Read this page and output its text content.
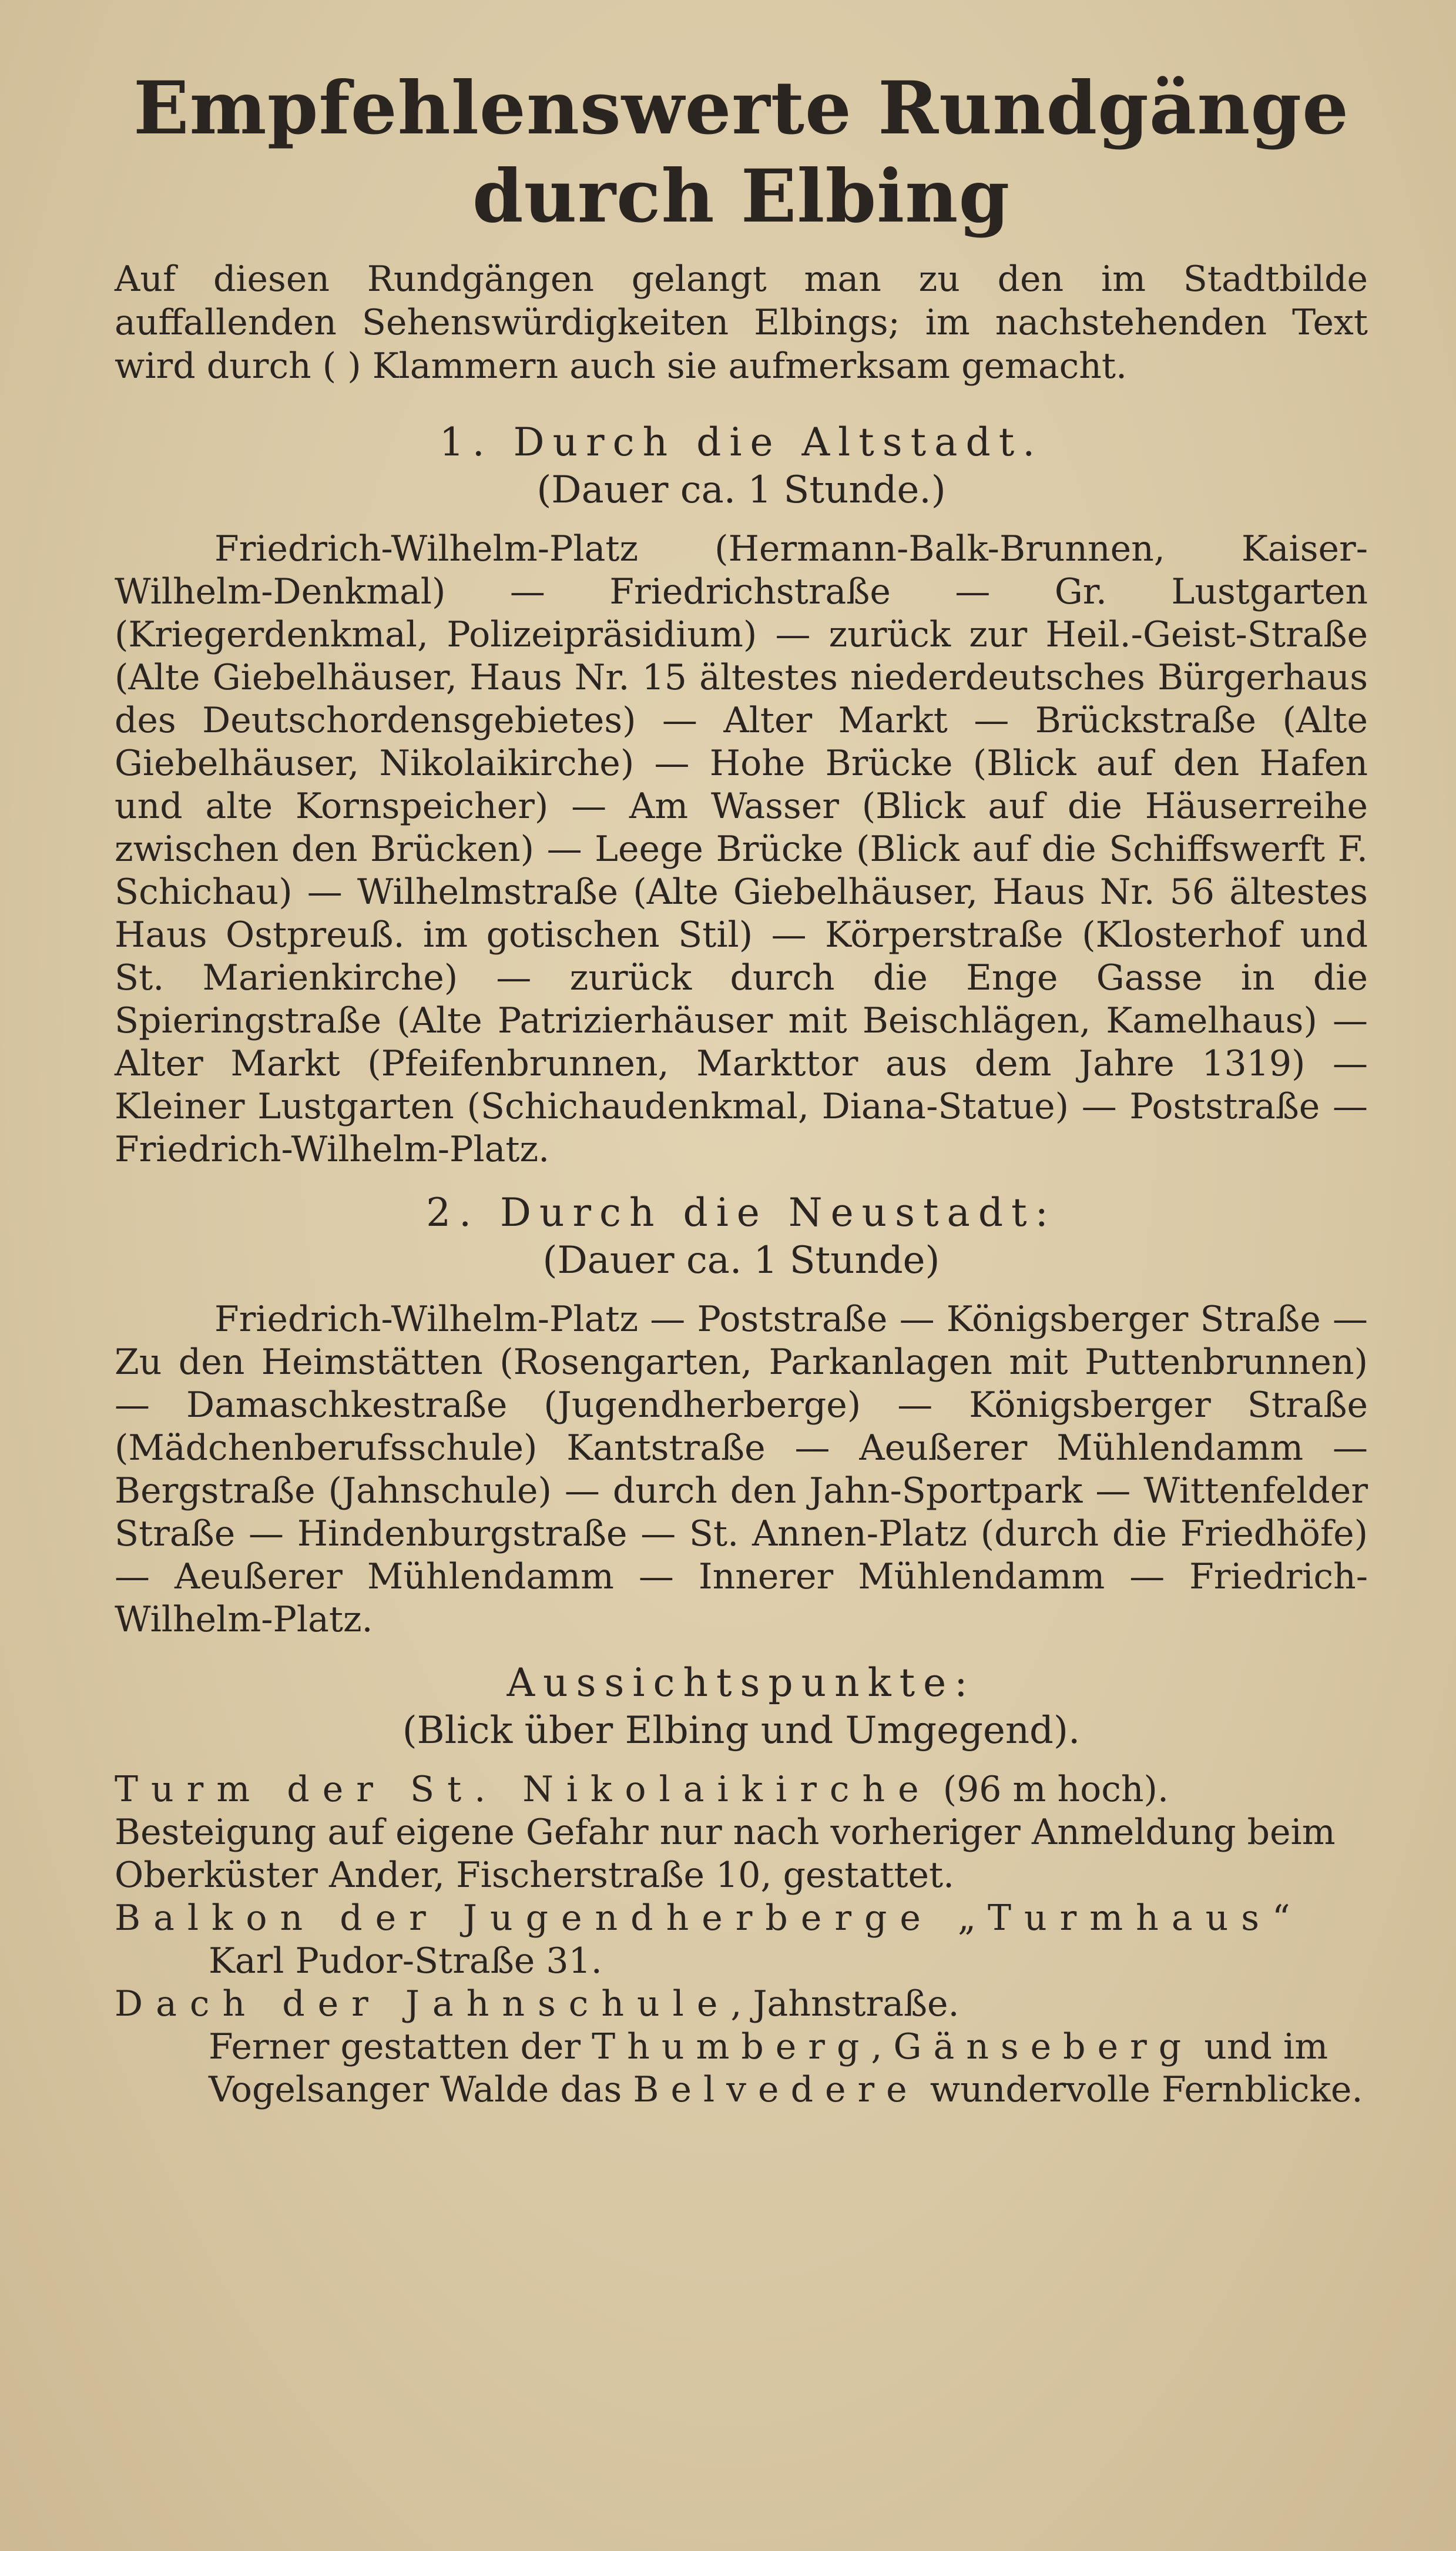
Empfehlenswerte Rundgänge
durch Elbing

Auf diesen Rundgängen gelangt man zu den im Stadtbilde auffallenden Sehenswürdigkeiten Elbings; im nachstehenden Text wird durch ( ) Klammern auch sie aufmerksam gemacht.

1. Durch die Altstadt.

(Dauer ca. 1 Stunde.)

Friedrich-Wilhelm-Platz (Hermann-Balk-Brunnen, Kaiser-Wilhelm-Denkmal) — Friedrichstraße — Gr. Lustgarten (Kriegerdenkmal, Polizeipräsidium) — zurück zur Heil.-Geist-Straße (Alte Giebelhäuser, Haus Nr. 15 ältestes niederdeutsches Bürgerhaus des Deutschordensgebietes) — Alter Markt — Brückstraße (Alte Giebelhäuser, Nikolaikirche) — Hohe Brücke (Blick auf den Hafen und alte Kornspeicher) — Am Wasser (Blick auf die Häuserreihe zwischen den Brücken) — Leege Brücke (Blick auf die Schiffswerft F. Schichau) — Wilhelmstraße (Alte Giebelhäuser, Haus Nr. 56 ältestes Haus Ostpreuß. im gotischen Stil) — Körperstraße (Klosterhof und St. Marienkirche) — zurück durch die Enge Gasse in die Spieringstraße (Alte Patrizierhäuser mit Beischlägen, Kamelhaus) — Alter Markt (Pfeifenbrunnen, Markttor aus dem Jahre 1319) — Kleiner Lustgarten (Schichaudenkmal, Diana-Statue) — Poststraße — Friedrich-Wilhelm-Platz.

2. Durch die Neustadt:

(Dauer ca. 1 Stunde)

Friedrich-Wilhelm-Platz — Poststraße — Königsberger Straße — Zu den Heimstätten (Rosengarten, Parkanlagen mit Puttenbrunnen) — Damaschkestraße (Jugendherberge) — Königsberger Straße (Mädchenberufsschule) Kantstraße — Aeußerer Mühlendamm — Bergstraße (Jahnschule) — durch den Jahn-Sportpark — Wittenfelder Straße — Hindenburgstraße — St. Annen-Platz (durch die Friedhöfe) — Aeußerer Mühlendamm — Innerer Mühlendamm — Friedrich-Wilhelm-Platz.

Aussichtspunkte:

(Blick über Elbing und Umgegend).

Turm der St. Nikolaikirche (96 m hoch). Besteigung auf eigene Gefahr nur nach vorheriger Anmeldung beim Oberküster Ander, Fischerstraße 10, gestattet.
Balkon der Jugendherberge „Turmhaus“
Karl Pudor-Straße 31.
Dach der Jahnschule, Jahnstraße.

Ferner gestatten der Thumberg, Gänseberg und im Vogelsanger Walde das Belvedere wundervolle Fernblicke.
